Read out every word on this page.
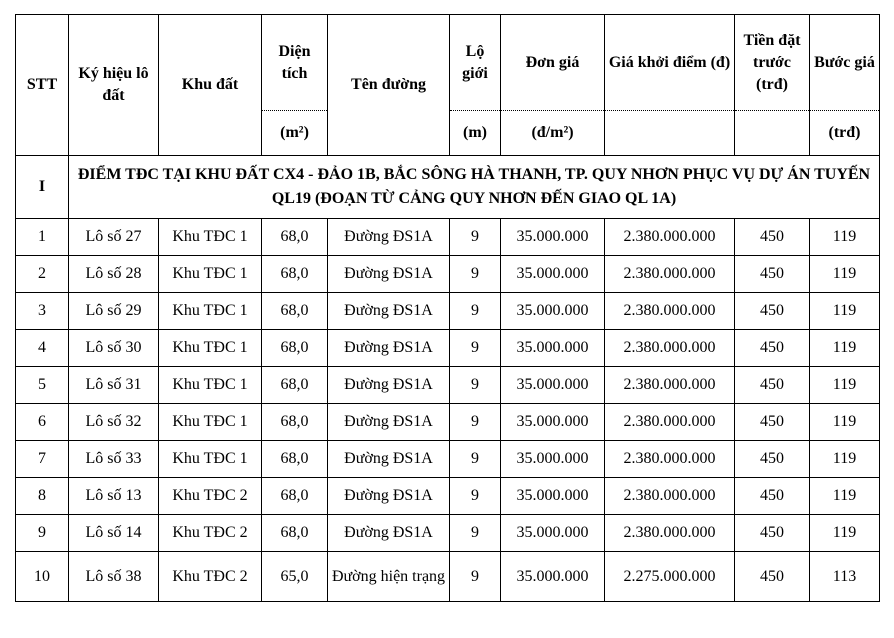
STT	Ký hiệu lô đất	Khu đất	Diện tích	Tên đường	Lộ giới	Đơn giá	Giá khởi điểm (đ)	Tiền đặt trước (trđ)	Bước giá
			(m²)		(m)	(đ/m²)			(trđ)
I	ĐIỂM TĐC TẠI KHU ĐẤT CX4 - ĐẢO 1B, BẮC SÔNG HÀ THANH, TP. QUY NHƠN PHỤC VỤ DỰ ÁN TUYẾN QL19 (ĐOẠN TỪ CẢNG QUY NHƠN ĐẾN GIAO QL 1A)								
1	Lô số 27	Khu TĐC 1	68,0	Đường ĐS1A	9	35.000.000	2.380.000.000	450	119
2	Lô số 28	Khu TĐC 1	68,0	Đường ĐS1A	9	35.000.000	2.380.000.000	450	119
3	Lô số 29	Khu TĐC 1	68,0	Đường ĐS1A	9	35.000.000	2.380.000.000	450	119
4	Lô số 30	Khu TĐC 1	68,0	Đường ĐS1A	9	35.000.000	2.380.000.000	450	119
5	Lô số 31	Khu TĐC 1	68,0	Đường ĐS1A	9	35.000.000	2.380.000.000	450	119
6	Lô số 32	Khu TĐC 1	68,0	Đường ĐS1A	9	35.000.000	2.380.000.000	450	119
7	Lô số 33	Khu TĐC 1	68,0	Đường ĐS1A	9	35.000.000	2.380.000.000	450	119
8	Lô số 13	Khu TĐC 2	68,0	Đường ĐS1A	9	35.000.000	2.380.000.000	450	119
9	Lô số 14	Khu TĐC 2	68,0	Đường ĐS1A	9	35.000.000	2.380.000.000	450	119
10	Lô số 38	Khu TĐC 2	65,0	Đường hiện trạng	9	35.000.000	2.275.000.000	450	113
